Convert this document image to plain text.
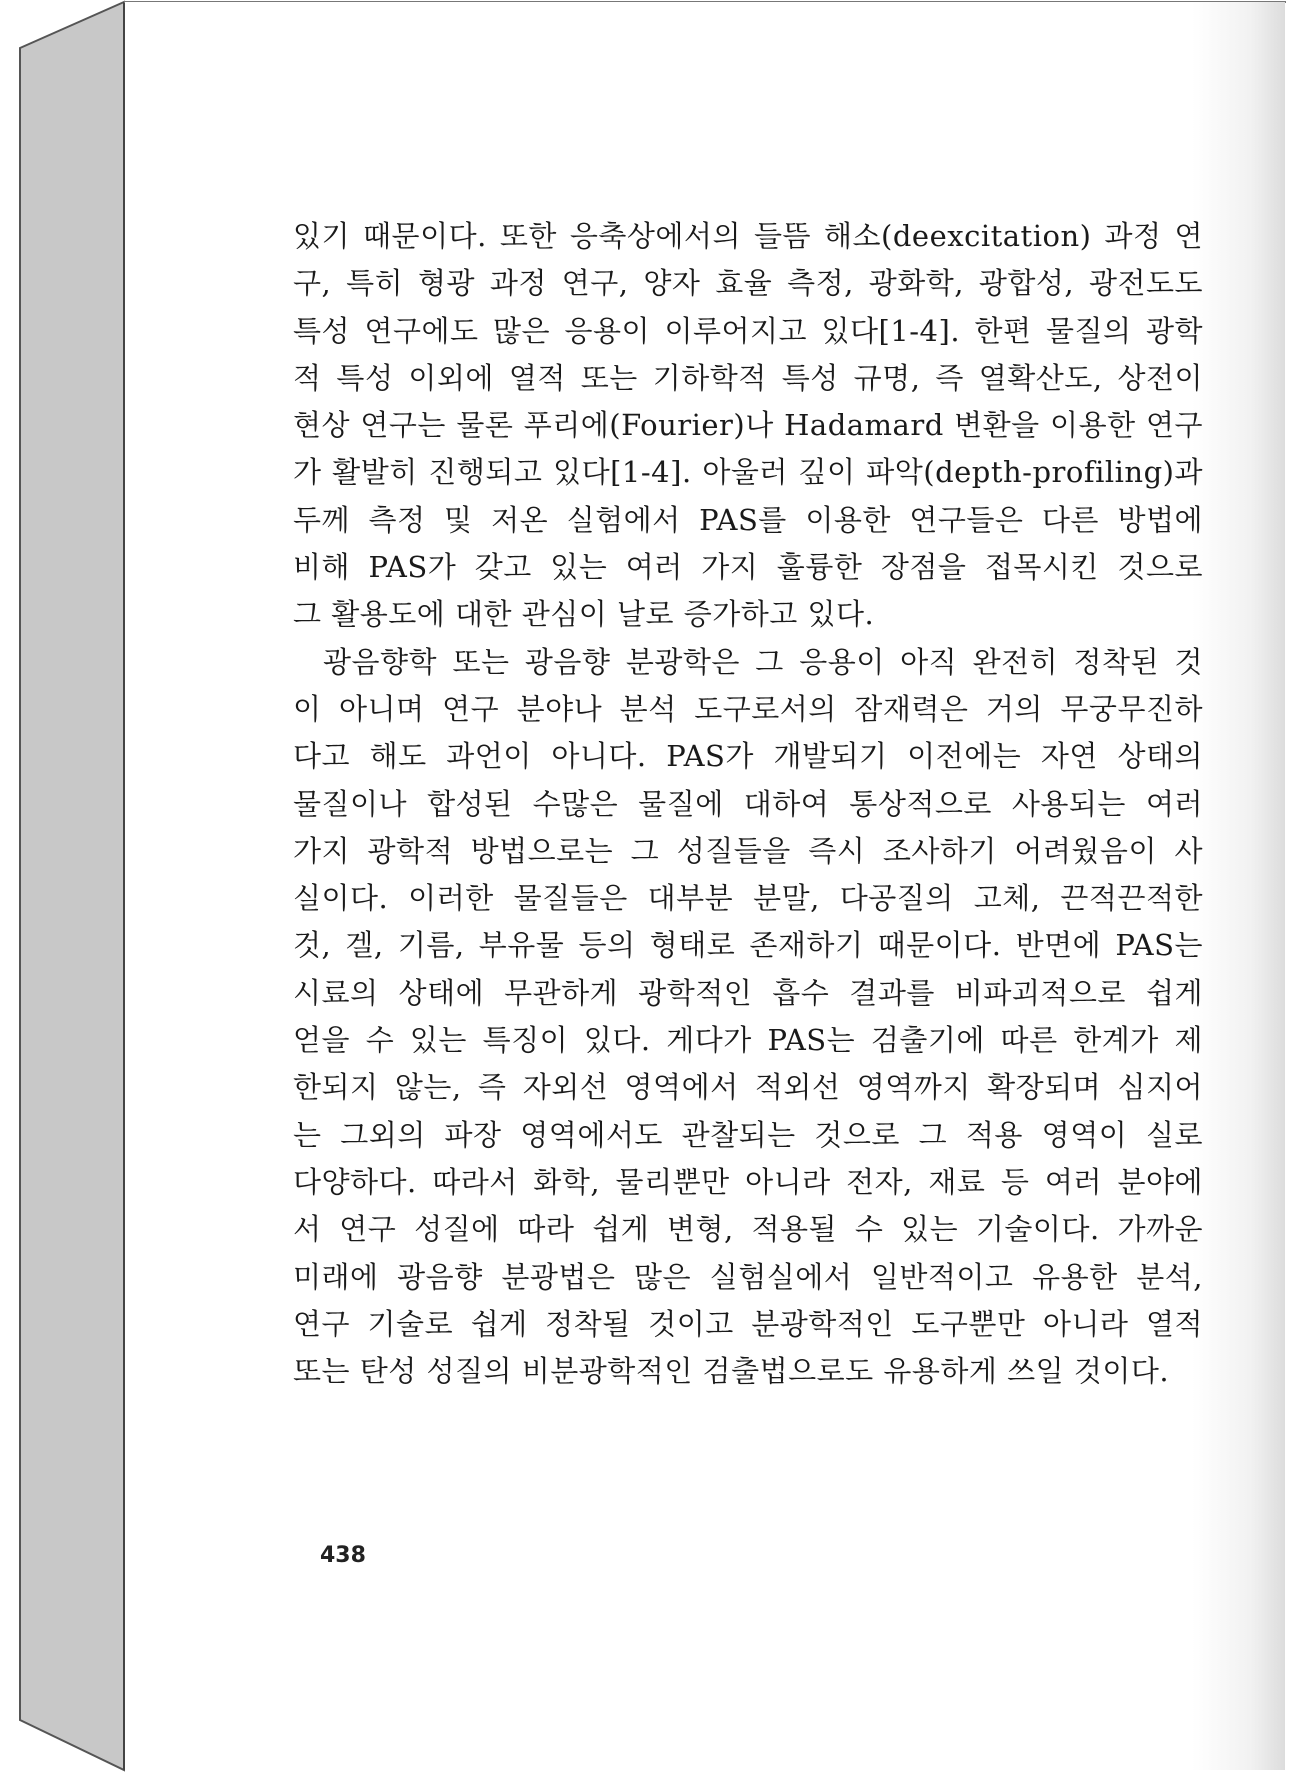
있기 때문이다. 또한 응축상에서의 들뜸 해소(deexcitation) 과정 연
구, 특히 형광 과정 연구, 양자 효율 측정, 광화학, 광합성, 광전도도
특성 연구에도 많은 응용이 이루어지고 있다[1-4]. 한편 물질의 광학
적 특성 이외에 열적 또는 기하학적 특성 규명, 즉 열확산도, 상전이
현상 연구는 물론 푸리에(Fourier)나 Hadamard 변환을 이용한 연구
가 활발히 진행되고 있다[1-4]. 아울러 깊이 파악(depth-profiling)과
두께 측정 및 저온 실험에서 PAS를 이용한 연구들은 다른 방법에
비해 PAS가 갖고 있는 여러 가지 훌륭한 장점을 접목시킨 것으로
그 활용도에 대한 관심이 날로 증가하고 있다.

광음향학 또는 광음향 분광학은 그 응용이 아직 완전히 정착된 것
이 아니며 연구 분야나 분석 도구로서의 잠재력은 거의 무궁무진하
다고 해도 과언이 아니다. PAS가 개발되기 이전에는 자연 상태의
물질이나 합성된 수많은 물질에 대하여 통상적으로 사용되는 여러
가지 광학적 방법으로는 그 성질들을 즉시 조사하기 어려웠음이 사
실이다. 이러한 물질들은 대부분 분말, 다공질의 고체, 끈적끈적한
것, 겔, 기름, 부유물 등의 형태로 존재하기 때문이다. 반면에 PAS는
시료의 상태에 무관하게 광학적인 흡수 결과를 비파괴적으로 쉽게
얻을 수 있는 특징이 있다. 게다가 PAS는 검출기에 따른 한계가 제
한되지 않는, 즉 자외선 영역에서 적외선 영역까지 확장되며 심지어
는 그외의 파장 영역에서도 관찰되는 것으로 그 적용 영역이 실로
다양하다. 따라서 화학, 물리뿐만 아니라 전자, 재료 등 여러 분야에
서 연구 성질에 따라 쉽게 변형, 적용될 수 있는 기술이다. 가까운
미래에 광음향 분광법은 많은 실험실에서 일반적이고 유용한 분석,
연구 기술로 쉽게 정착될 것이고 분광학적인 도구뿐만 아니라 열적
또는 탄성 성질의 비분광학적인 검출법으로도 유용하게 쓰일 것이다.

438
